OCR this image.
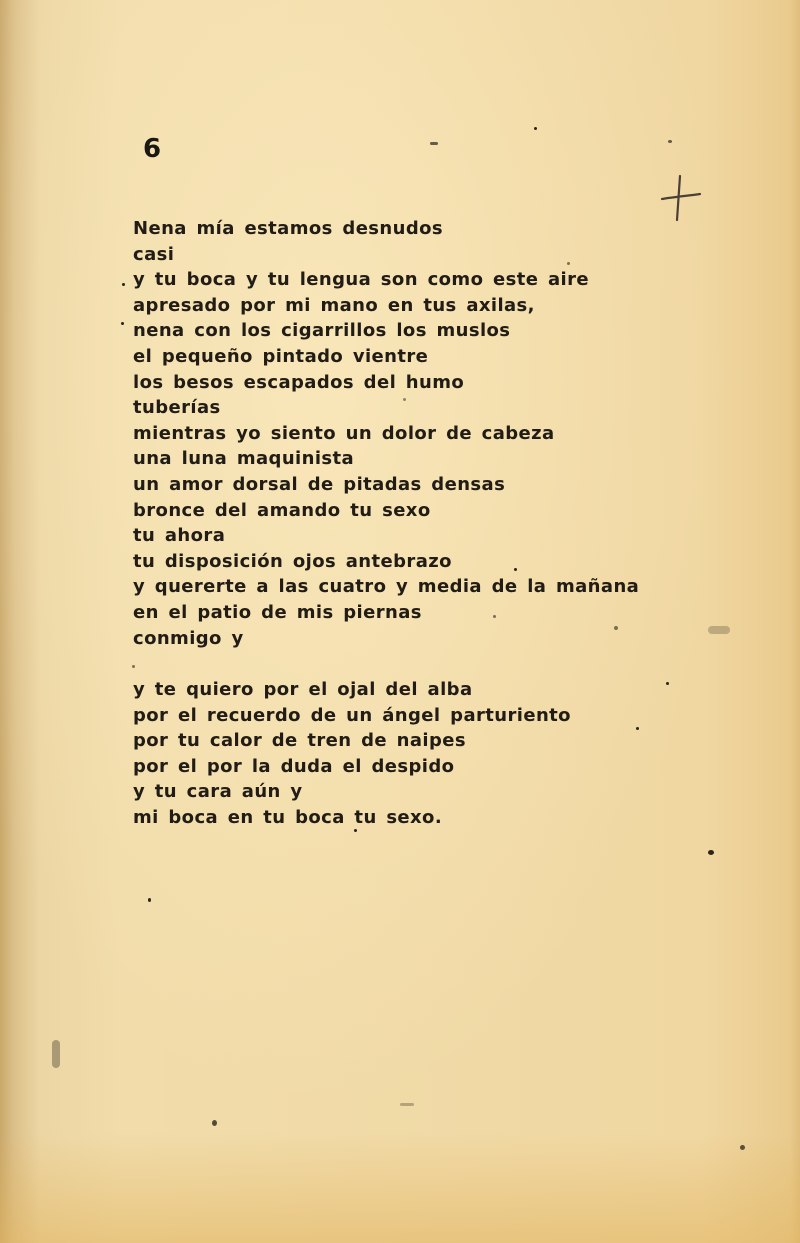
6
Nena mía estamos desnudos
casi
y tu boca y tu lengua son como este aire
apresado por mi mano en tus axilas,
nena con los cigarrillos los muslos
el pequeño pintado vientre
los besos escapados del humo
tuberías
mientras yo siento un dolor de cabeza
una luna maquinista
un amor dorsal de pitadas densas
bronce del amando tu sexo
tu ahora
tu disposición ojos antebrazo
y quererte a las cuatro y media de la mañana
en el patio de mis piernas
conmigo y
y te quiero por el ojal del alba
por el recuerdo de un ángel parturiento
por tu calor de tren de naipes
por el por la duda el despido
y tu cara aún y
mi boca en tu boca tu sexo.
